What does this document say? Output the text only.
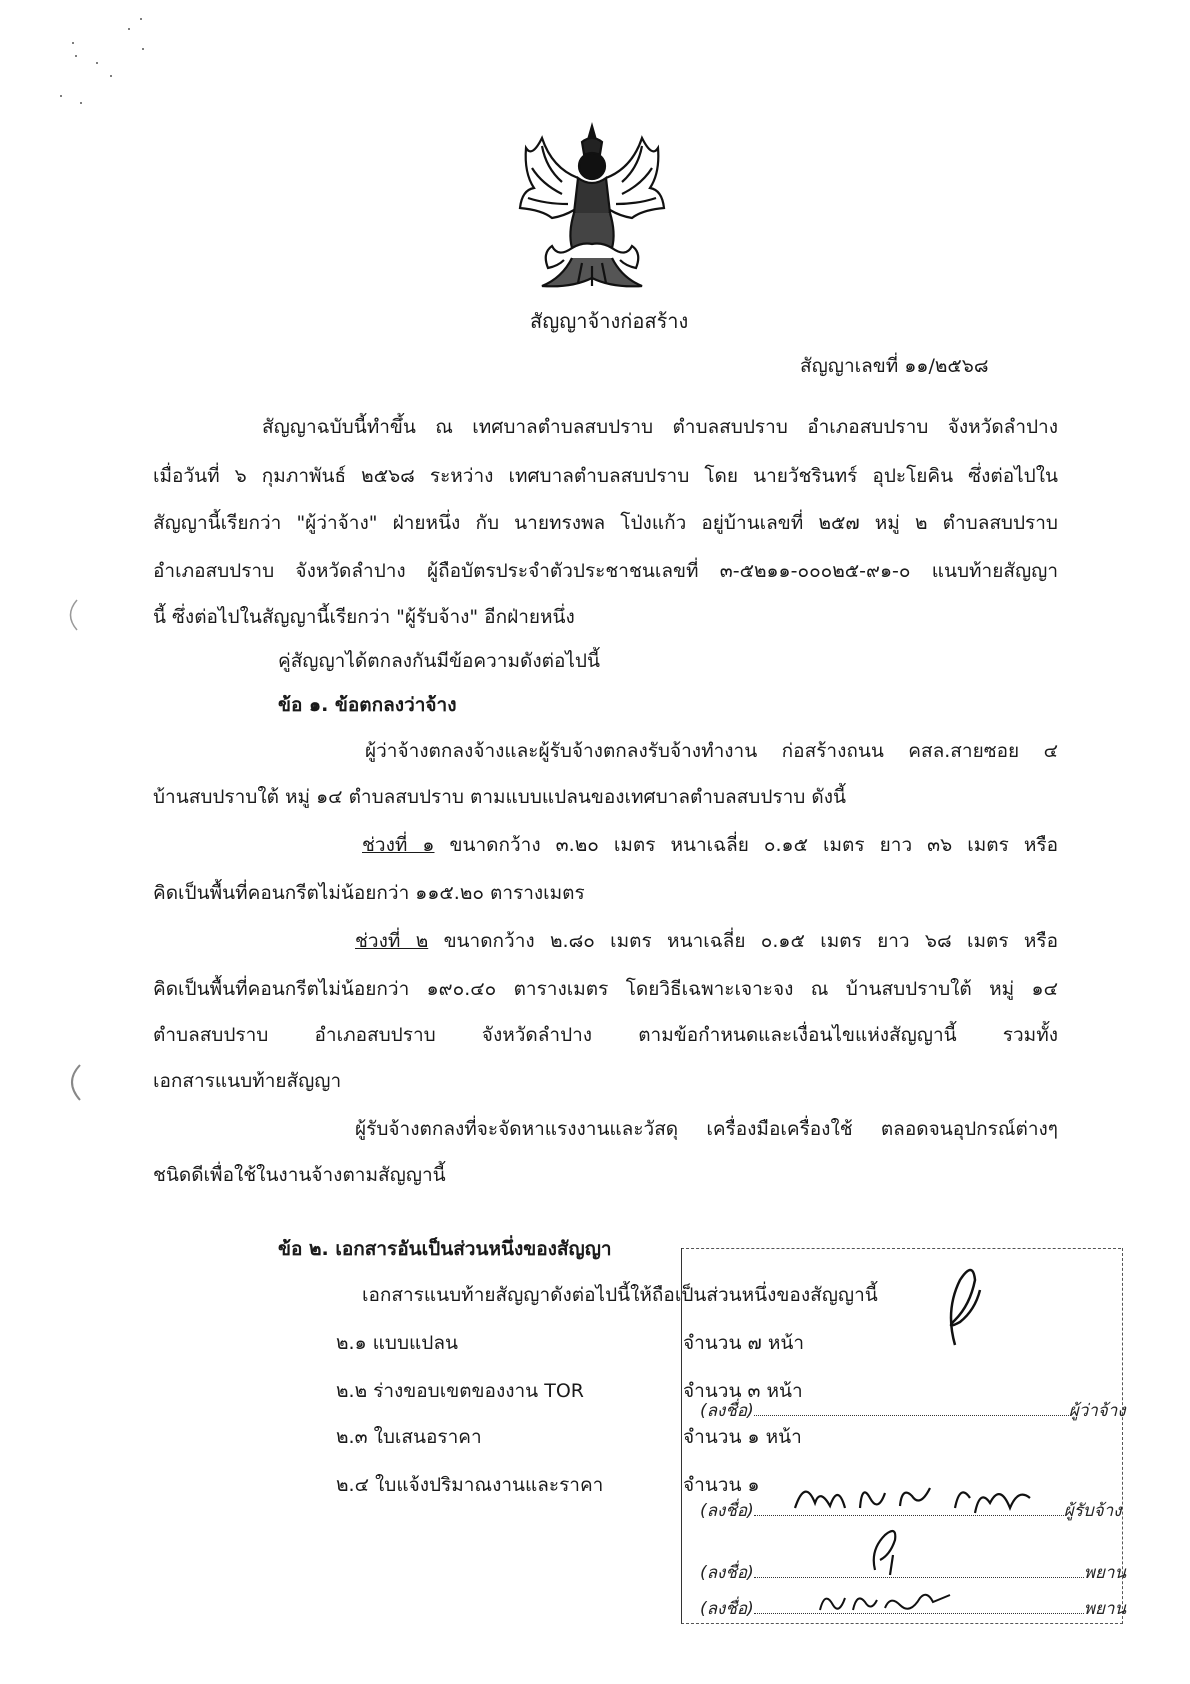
สัญญาจ้างก่อสร้าง
สัญญาเลขที่ ๑๑/๒๕๖๘
สัญญาฉบับนี้ทำขึ้น ณ เทศบาลตำบลสบปราบ ตำบลสบปราบ อำเภอสบปราบ จังหวัดลำปาง
เมื่อวันที่ ๖ กุมภาพันธ์ ๒๕๖๘ ระหว่าง เทศบาลตำบลสบปราบ โดย นายวัชรินทร์ อุปะโยคิน ซึ่งต่อไปใน
สัญญานี้เรียกว่า "ผู้ว่าจ้าง" ฝ่ายหนึ่ง กับ นายทรงพล โป่งแก้ว อยู่บ้านเลขที่ ๒๕๗ หมู่ ๒ ตำบลสบปราบ
อำเภอสบปราบ จังหวัดลำปาง ผู้ถือบัตรประจำตัวประชาชนเลขที่ ๓-๕๒๑๑-๐๐๐๒๕-๙๑-๐ แนบท้ายสัญญา
นี้ ซึ่งต่อไปในสัญญานี้เรียกว่า "ผู้รับจ้าง" อีกฝ่ายหนึ่ง
คู่สัญญาได้ตกลงกันมีข้อความดังต่อไปนี้
ข้อ ๑. ข้อตกลงว่าจ้าง
ผู้ว่าจ้างตกลงจ้างและผู้รับจ้างตกลงรับจ้างทำงาน ก่อสร้างถนน คสล.สายซอย ๔
บ้านสบปราบใต้ หมู่ ๑๔ ตำบลสบปราบ ตามแบบแปลนของเทศบาลตำบลสบปราบ ดังนี้
ช่วงที่ ๑ ขนาดกว้าง ๓.๒๐ เมตร หนาเฉลี่ย ๐.๑๕ เมตร ยาว ๓๖ เมตร หรือ
คิดเป็นพื้นที่คอนกรีตไม่น้อยกว่า ๑๑๕.๒๐ ตารางเมตร
ช่วงที่ ๒ ขนาดกว้าง ๒.๘๐ เมตร หนาเฉลี่ย ๐.๑๕ เมตร ยาว ๖๘ เมตร หรือ
คิดเป็นพื้นที่คอนกรีตไม่น้อยกว่า ๑๙๐.๔๐ ตารางเมตร โดยวิธีเฉพาะเจาะจง ณ บ้านสบปราบใต้ หมู่ ๑๔
ตำบลสบปราบ อำเภอสบปราบ จังหวัดลำปาง ตามข้อกำหนดและเงื่อนไขแห่งสัญญานี้ รวมทั้ง
เอกสารแนบท้ายสัญญา
ผู้รับจ้างตกลงที่จะจัดหาแรงงานและวัสดุ เครื่องมือเครื่องใช้ ตลอดจนอุปกรณ์ต่างๆ
ชนิดดีเพื่อใช้ในงานจ้างตามสัญญานี้
ข้อ ๒. เอกสารอันเป็นส่วนหนึ่งของสัญญา
เอกสารแนบท้ายสัญญาดังต่อไปนี้ให้ถือเป็นส่วนหนึ่งของสัญญานี้
๒.๑ แบบแปลน	จำนวน ๗ หน้า
๒.๒ ร่างขอบเขตของงาน TOR	จำนวน ๓ หน้า
๒.๓ ใบเสนอราคา	จำนวน ๑ หน้า
๒.๔ ใบแจ้งปริมาณงานและราคา	จำนวน ๑
(ลงชื่อ)	ผู้ว่าจ้าง
(ลงชื่อ)	ผู้รับจ้าง
(ลงชื่อ)	พยาน
(ลงชื่อ)	พยาน
